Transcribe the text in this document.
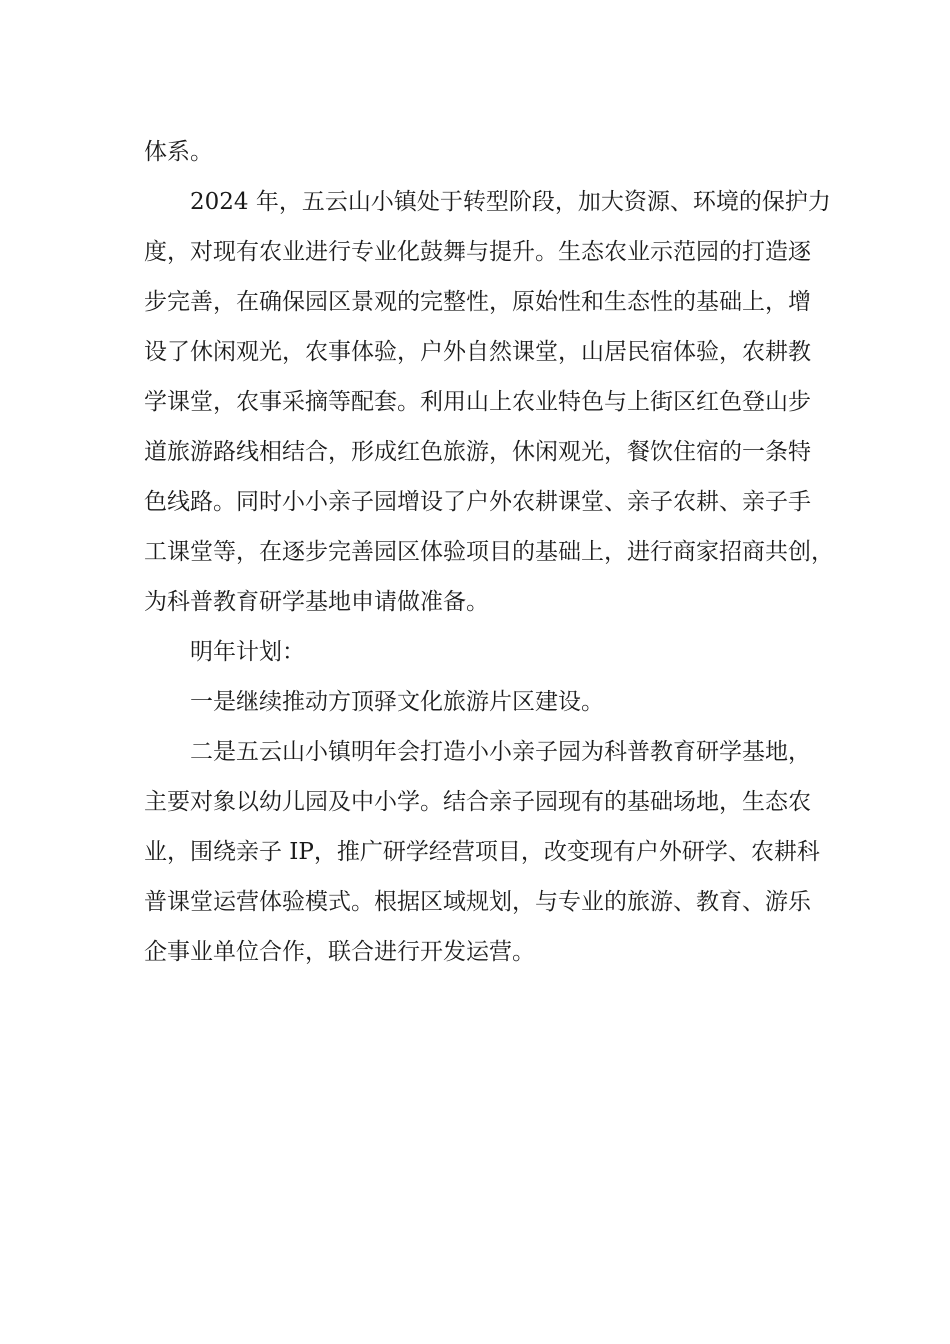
体系。

2024 年，五云山小镇处于转型阶段，加大资源、环境的保护力

度，对现有农业进行专业化鼓舞与提升。生态农业示范园的打造逐

步完善，在确保园区景观的完整性，原始性和生态性的基础上，增

设了休闲观光，农事体验，户外自然课堂，山居民宿体验，农耕教

学课堂，农事采摘等配套。利用山上农业特色与上街区红色登山步

道旅游路线相结合，形成红色旅游，休闲观光，餐饮住宿的一条特

色线路。同时小小亲子园增设了户外农耕课堂、亲子农耕、亲子手

工课堂等，在逐步完善园区体验项目的基础上，进行商家招商共创，

为科普教育研学基地申请做准备。

明年计划：

一是继续推动方顶驿文化旅游片区建设。

二是五云山小镇明年会打造小小亲子园为科普教育研学基地，

主要对象以幼儿园及中小学。结合亲子园现有的基础场地，生态农

业，围绕亲子 IP，推广研学经营项目，改变现有户外研学、农耕科

普课堂运营体验模式。根据区域规划，与专业的旅游、教育、游乐

企事业单位合作，联合进行开发运营。
